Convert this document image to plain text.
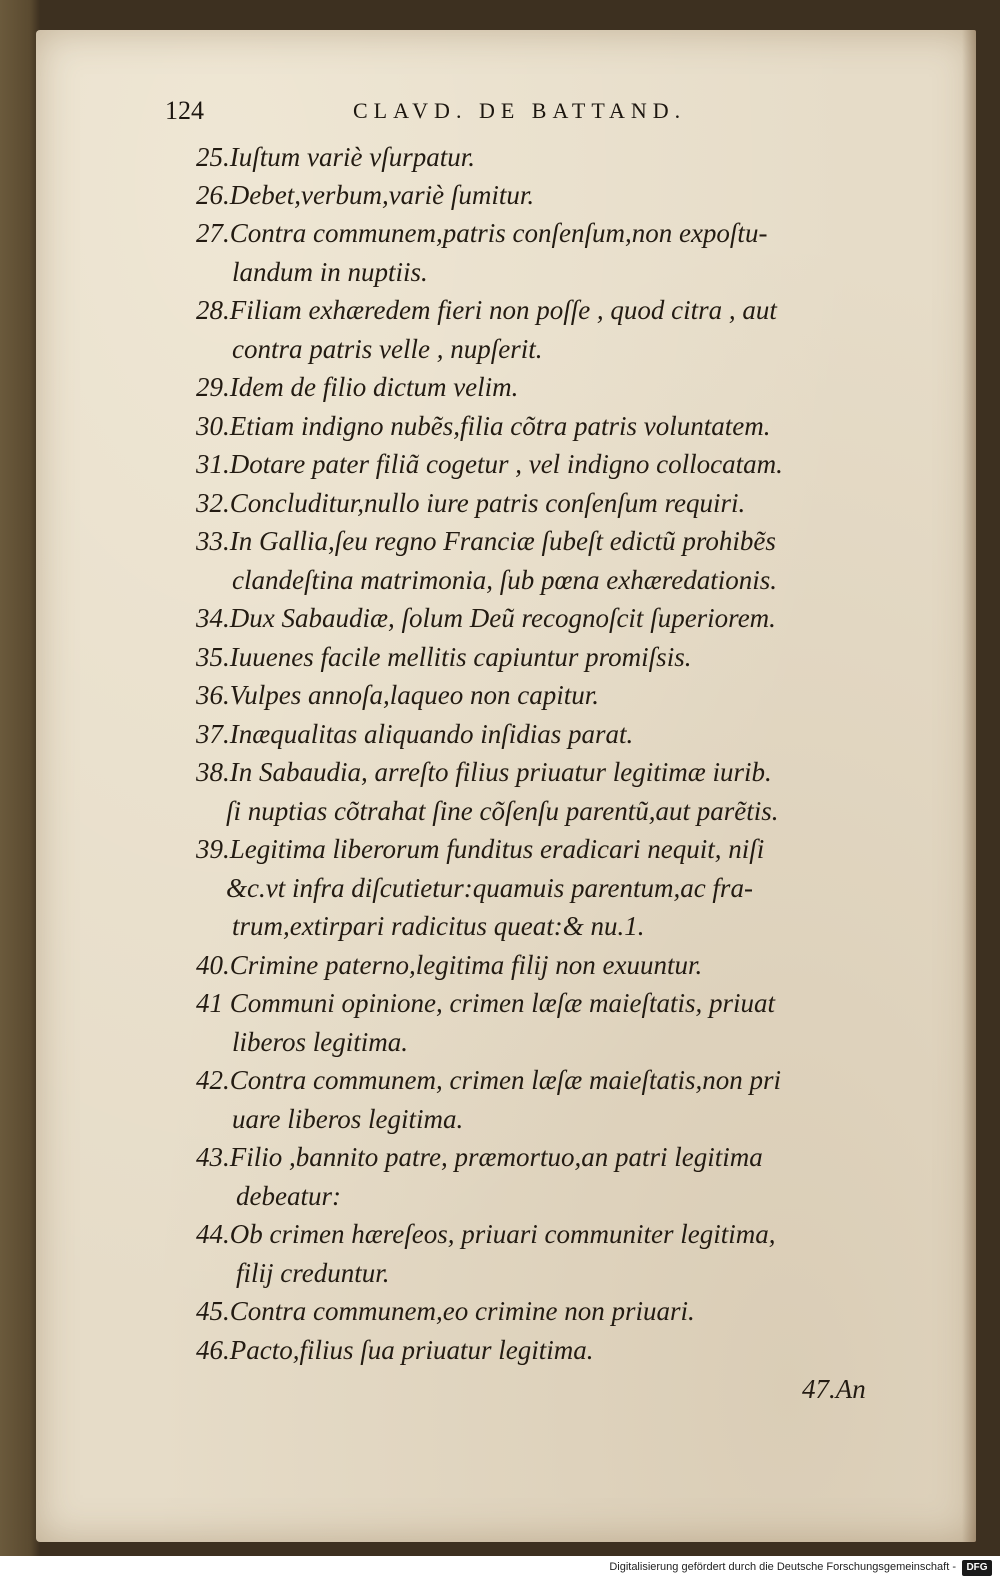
124	CLAVD. DE BATTAND.
25.Iuſtum variè vſurpatur.
26.Debet,verbum,variè ſumitur.
27.Contra communem,patris conſenſum,non expoſtu-
landum in nuptiis.
28.Filiam exhæredem fieri non poſſe , quod citra , aut
contra patris velle , nupſerit.
29.Idem de filio dictum velim.
30.Etiam indigno nubẽs,filia cõtra patris voluntatem.
31.Dotare pater filiã cogetur , vel indigno collocatam.
32.Concluditur,nullo iure patris conſenſum requiri.
33.In Gallia,ſeu regno Franciæ ſubeſt edictũ prohibẽs
clandeſtina matrimonia, ſub pœna exhæredationis.
34.Dux Sabaudiæ, ſolum Deũ recognoſcit ſuperiorem.
35.Iuuenes facile mellitis capiuntur promiſsis.
36.Vulpes annoſa,laqueo non capitur.
37.Inæqualitas aliquando inſidias parat.
38.In Sabaudia, arreſto filius priuatur legitimæ iurib.
ſi nuptias cõtrahat ſine cõſenſu parentũ,aut parẽtis.
39.Legitima liberorum funditus eradicari nequit, niſi
&c.vt infra diſcutietur:quamuis parentum,ac fra-
trum,extirpari radicitus queat:& nu.1.
40.Crimine paterno,legitima filij non exuuntur.
41 Communi opinione, crimen læſæ maieſtatis, priuat
liberos legitima.
42.Contra communem, crimen læſæ maieſtatis,non pri
uare liberos legitima.
43.Filio ,bannito patre, præmortuo,an patri legitima
debeatur:
44.Ob crimen hæreſeos, priuari communiter legitima,
filij creduntur.
45.Contra communem,eo crimine non priuari.
46.Pacto,filius ſua priuatur legitima.
47.An
Digitalisierung gefördert durch die Deutsche Forschungsgemeinschaft -	DFG
